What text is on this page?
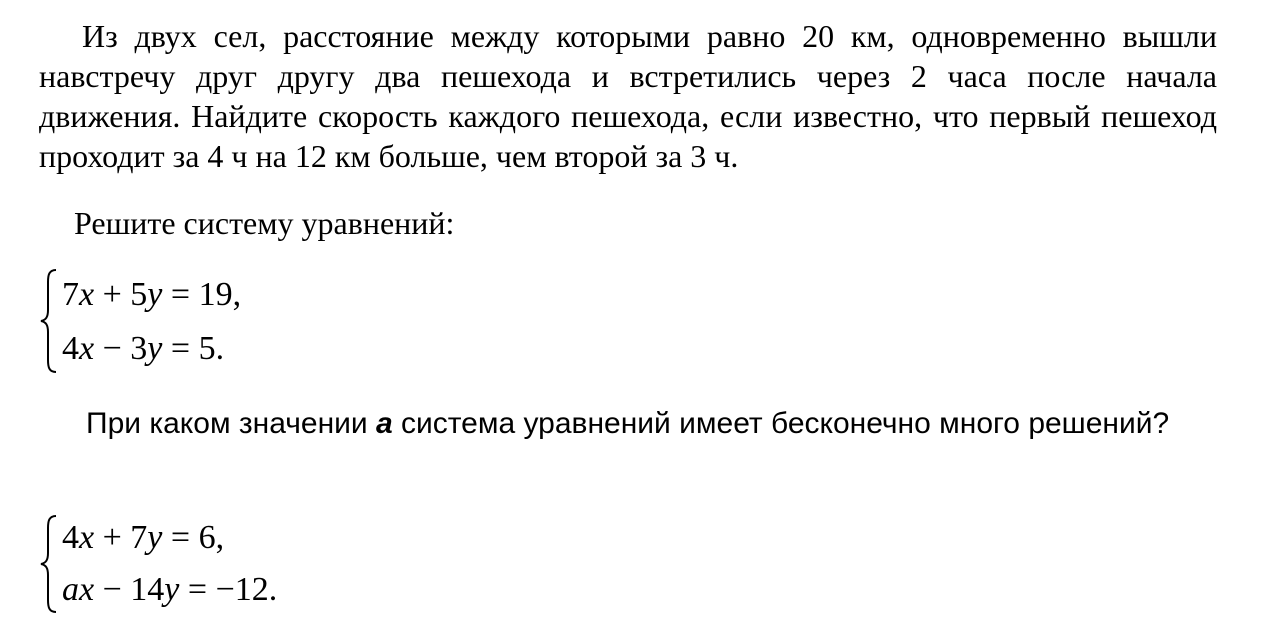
Из двух сел, расстояние между которыми равно 20 км, одновременно вышли навстречу друг другу два пешехода и встретились через 2 часа после начала движения. Найдите скорость каждого пешехода, если известно, что первый пешеход проходит за 4 ч на 12 км больше, чем второй за 3 ч.

Решите систему уравнений:

7x + 5y = 19,

4x − 3y = 5.

При каком значении a система уравнений имеет бесконечно много решений?

4x + 7y = 6,

ax − 14y = −12.
